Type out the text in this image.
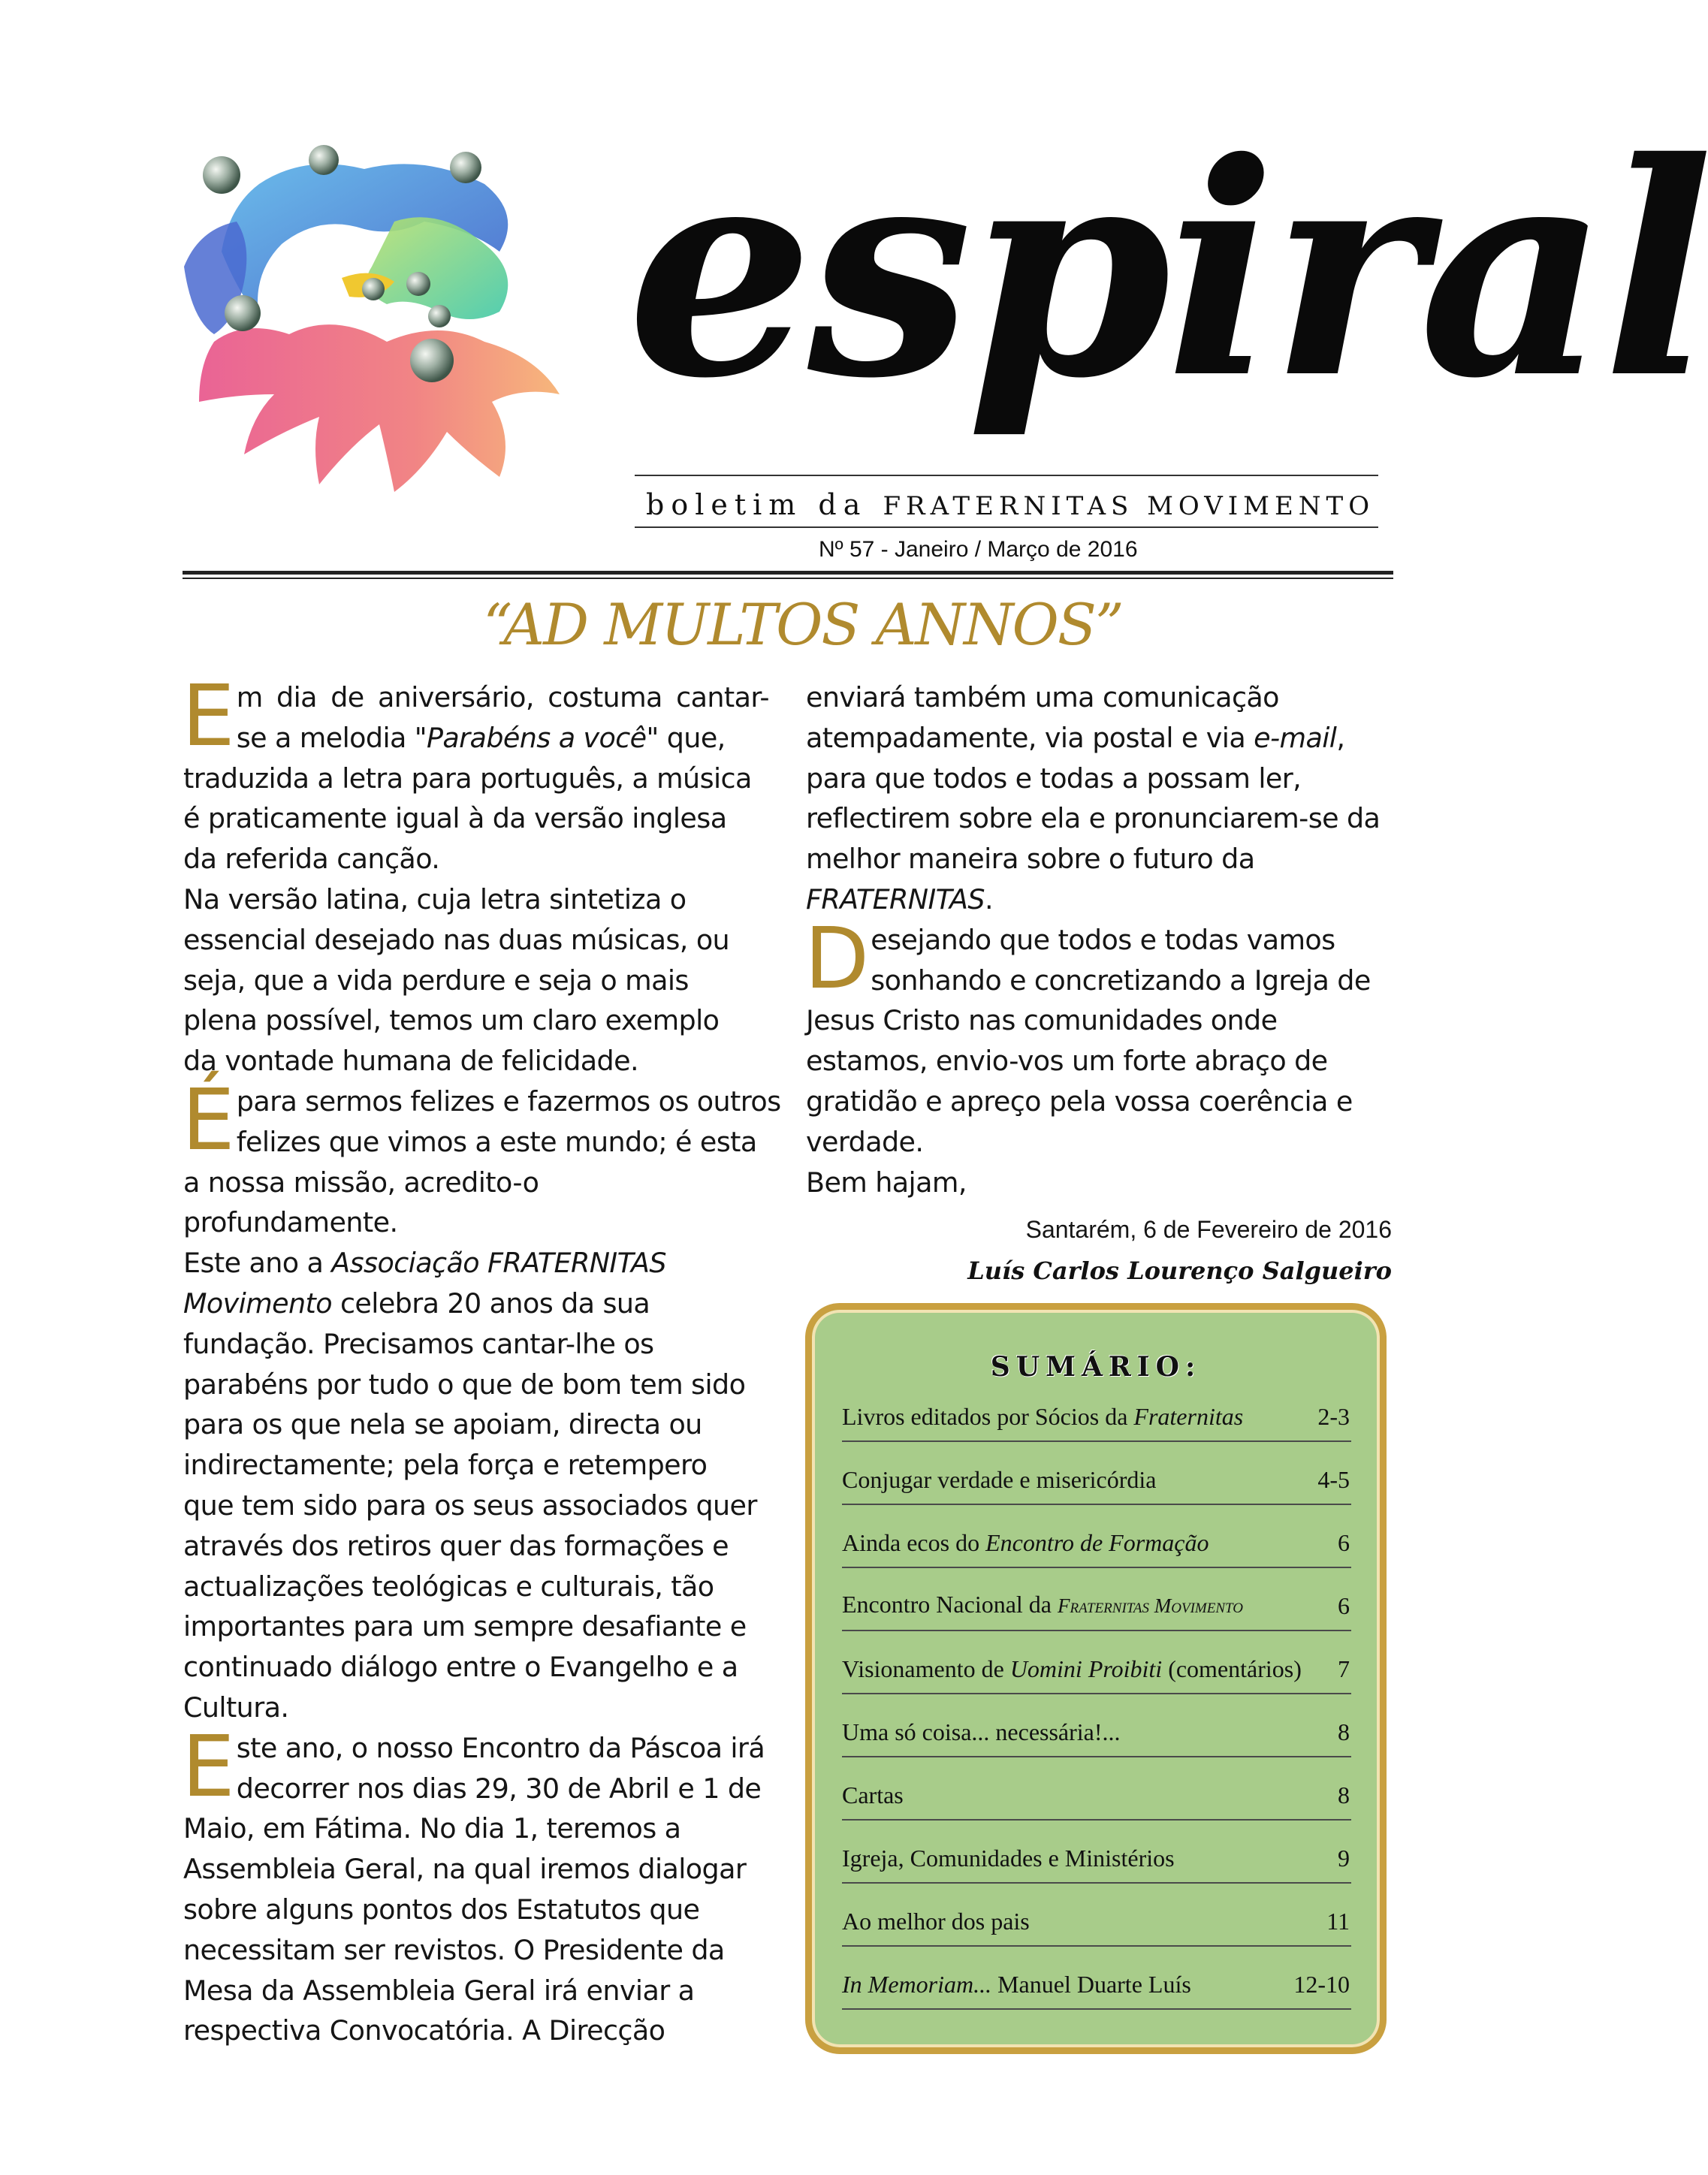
espiral
boletim da FRATERNITAS MOVIMENTO
Nº 57 - Janeiro / Março de 2016
“AD MULTOS ANNOS”
E m dia de aniversário, costuma cantar-
se a melodia "Parabéns a você" que,
traduzida a letra para português, a música
é praticamente igual à da versão inglesa
da referida canção.
Na versão latina, cuja letra sintetiza o
essencial desejado nas duas músicas, ou
seja, que a vida perdure e seja o mais
plena possível, temos um claro exemplo
da vontade humana de felicidade.
É para sermos felizes e fazermos os outros
felizes que vimos a este mundo; é esta
a nossa missão, acredito-o
profundamente.
Este ano a Associação FRATERNITAS
Movimento celebra 20 anos da sua
fundação. Precisamos cantar-lhe os
parabéns por tudo o que de bom tem sido
para os que nela se apoiam, directa ou
indirectamente; pela força e retempero
que tem sido para os seus associados quer
através dos retiros quer das formações e
actualizações teológicas e culturais, tão
importantes para um sempre desafiante e
continuado diálogo entre o Evangelho e a
Cultura.
E ste ano, o nosso Encontro da Páscoa irá
decorrer nos dias 29, 30 de Abril e 1 de
Maio, em Fátima. No dia 1, teremos a
Assembleia Geral, na qual iremos dialogar
sobre alguns pontos dos Estatutos que
necessitam ser revistos. O Presidente da
Mesa da Assembleia Geral irá enviar a
respectiva Convocatória. A Direcção
enviará também uma comunicação
atempadamente, via postal e via e-mail,
para que todos e todas a possam ler,
reflectirem sobre ela e pronunciarem-se da
melhor maneira sobre o futuro da
FRATERNITAS.
D esejando que todos e todas vamos
sonhando e concretizando a Igreja de
Jesus Cristo nas comunidades onde
estamos, envio-vos um forte abraço de
gratidão e apreço pela vossa coerência e
verdade.
Bem hajam,
Santarém, 6 de Fevereiro de 2016
Luís Carlos Lourenço Salgueiro
SUMÁRIO:
Livros editados por Sócios da Fraternitas	2-3
Conjugar verdade e misericórdia	4-5
Ainda ecos do Encontro de Formação	6
Encontro Nacional da Fraternitas Movimento	6
Visionamento de Uomini Proibiti (comentários) 7
Uma só coisa... necessária!...	8
Cartas	8
Igreja, Comunidades e Ministérios	9
Ao melhor dos pais	11
In Memoriam... Manuel Duarte Luís	12-10
